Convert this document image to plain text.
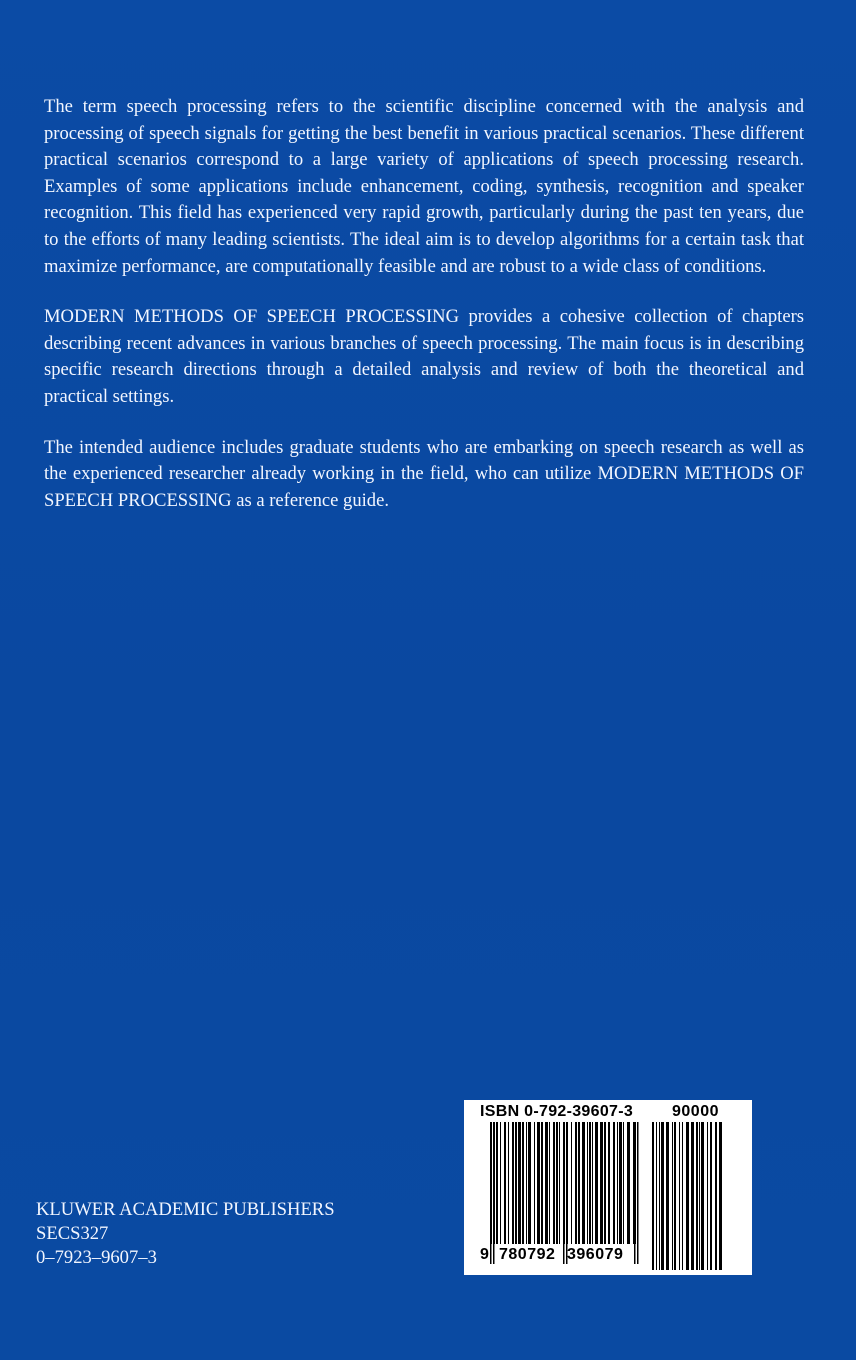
The term speech processing refers to the scientific discipline concerned with the analysis and processing of speech signals for getting the best benefit in various practical scenarios. These different practical scenarios correspond to a large variety of applications of speech processing research. Examples of some applications include enhancement, coding, synthesis, recognition and speaker recognition. This field has experienced very rapid growth, particularly during the past ten years, due to the efforts of many leading scientists. The ideal aim is to develop algorithms for a certain task that maximize performance, are computationally feasible and are robust to a wide class of conditions.

MODERN METHODS OF SPEECH PROCESSING provides a cohesive collection of chapters describing recent advances in various branches of speech processing. The main focus is in describing specific research directions through a detailed analysis and review of both the theoretical and practical settings.

The intended audience includes graduate students who are embarking on speech research as well as the experienced researcher already working in the field, who can utilize MODERN METHODS OF SPEECH PROCESSING as a reference guide.

KLUWER ACADEMIC PUBLISHERS
SECS327
0–7923–9607–3
ISBN 0-792-39607-3 90000
9 780792 396079
